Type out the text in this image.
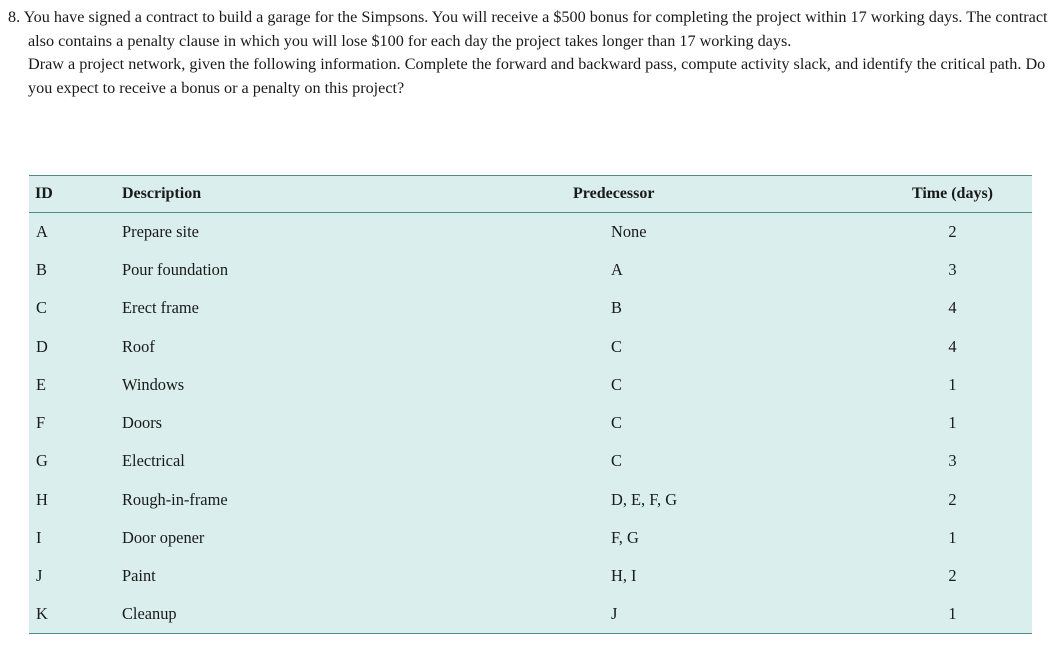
8. You have signed a contract to build a garage for the Simpsons. You will receive a $500 bonus for completing the project within 17 working days. The contract also contains a penalty clause in which you will lose $100 for each day the project takes longer than 17 working days.

Draw a project network, given the following information. Complete the forward and backward pass, compute activity slack, and identify the critical path. Do you expect to receive a bonus or a penalty on this project?

ID	Description	Predecessor	Time (days)
A	Prepare site	None	2
B	Pour foundation	A	3
C	Erect frame	B	4
D	Roof	C	4
E	Windows	C	1
F	Doors	C	1
G	Electrical	C	3
H	Rough-in-frame	D, E, F, G	2
I	Door opener	F, G	1
J	Paint	H, I	2
K	Cleanup	J	1
